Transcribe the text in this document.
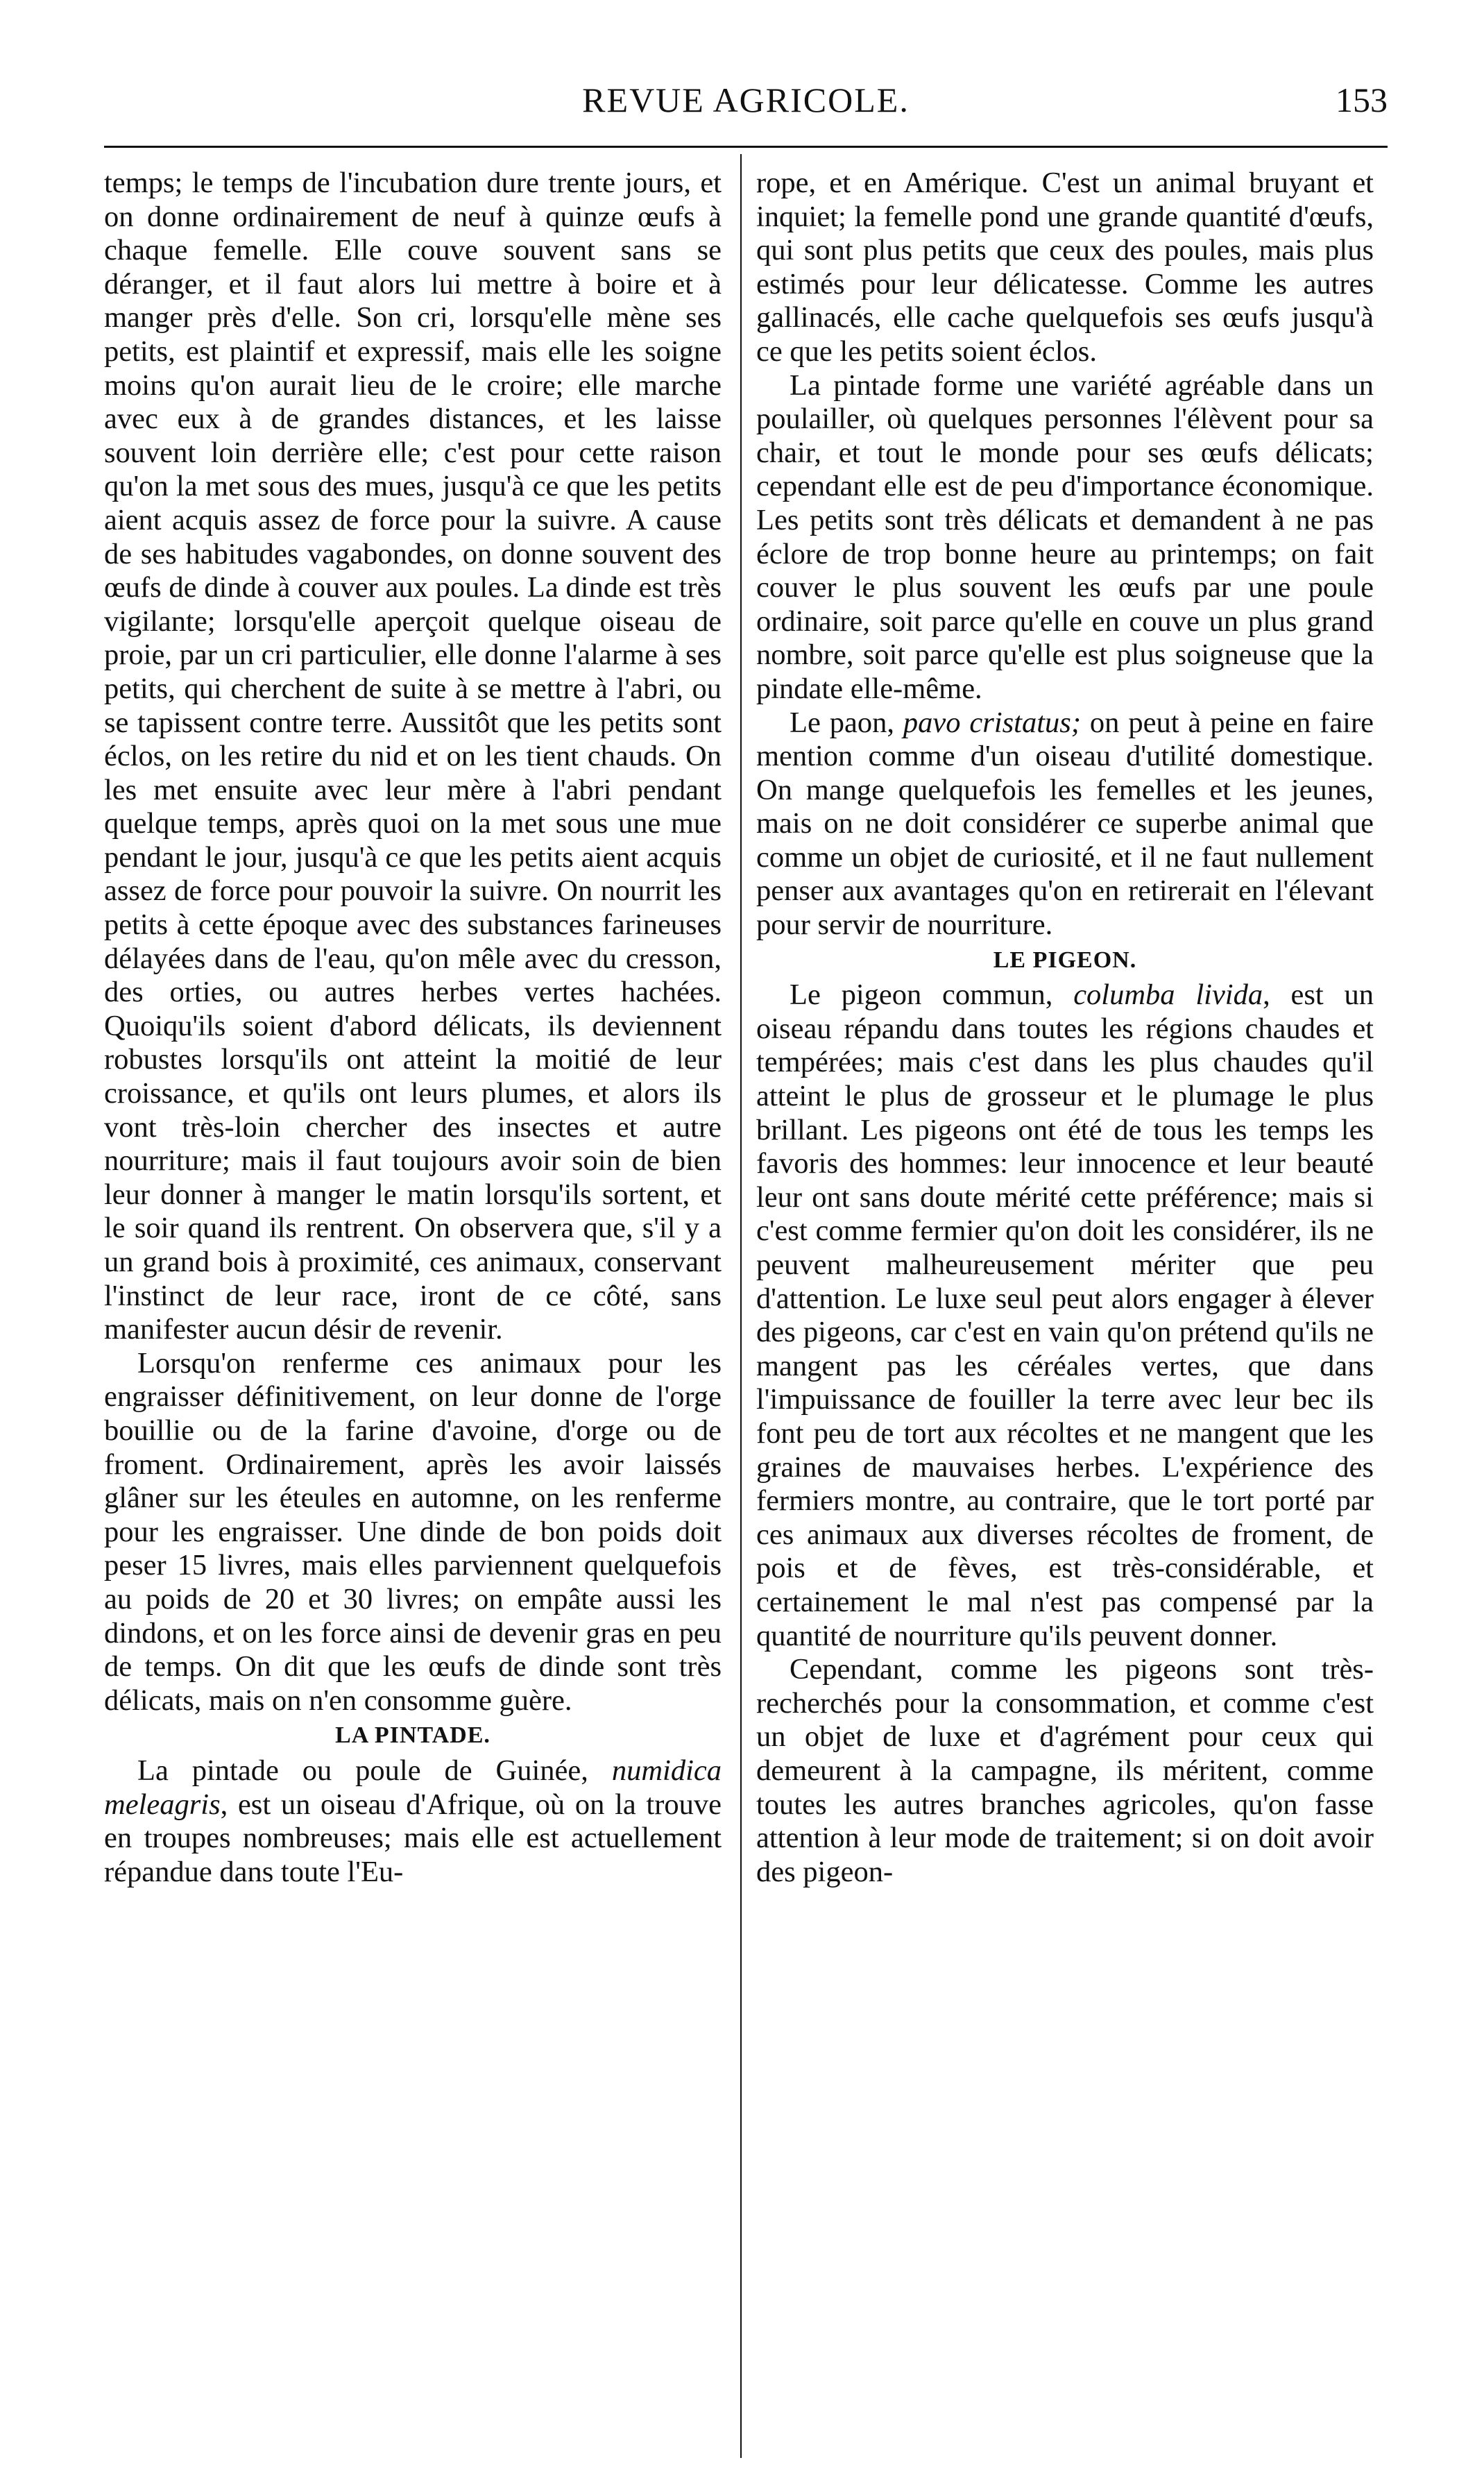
REVUE AGRICOLE.	153

temps; le temps de l'incubation dure trente jours, et on donne ordinairement de neuf à quinze œufs à chaque femelle. Elle couve souvent sans se déranger, et il faut alors lui mettre à boire et à manger près d'elle. Son cri, lorsqu'elle mène ses petits, est plaintif et expressif, mais elle les soigne moins qu'on aurait lieu de le croire; elle marche avec eux à de grandes distances, et les laisse souvent loin derrière elle; c'est pour cette raison qu'on la met sous des mues, jusqu'à ce que les petits aient acquis assez de force pour la suivre. A cause de ses habitudes vagabondes, on donne souvent des œufs de dinde à couver aux poules. La dinde est très vigilante; lorsqu'elle aperçoit quelque oiseau de proie, par un cri particulier, elle donne l'alarme à ses petits, qui cherchent de suite à se mettre à l'abri, ou se tapissent contre terre. Aussitôt que les petits sont éclos, on les retire du nid et on les tient chauds. On les met ensuite avec leur mère à l'abri pendant quelque temps, après quoi on la met sous une mue pendant le jour, jusqu'à ce que les petits aient acquis assez de force pour pouvoir la suivre. On nourrit les petits à cette époque avec des substances farineuses délayées dans de l'eau, qu'on mêle avec du cresson, des orties, ou autres herbes vertes hachées. Quoiqu'ils soient d'abord délicats, ils deviennent robustes lorsqu'ils ont atteint la moitié de leur croissance, et qu'ils ont leurs plumes, et alors ils vont très-loin chercher des insectes et autre nourriture; mais il faut toujours avoir soin de bien leur donner à manger le matin lorsqu'ils sortent, et le soir quand ils rentrent. On observera que, s'il y a un grand bois à proximité, ces animaux, conservant l'instinct de leur race, iront de ce côté, sans manifester aucun désir de revenir.

Lorsqu'on renferme ces animaux pour les engraisser définitivement, on leur donne de l'orge bouillie ou de la farine d'avoine, d'orge ou de froment. Ordinairement, après les avoir laissés glâner sur les éteules en automne, on les renferme pour les engraisser. Une dinde de bon poids doit peser 15 livres, mais elles parviennent quelquefois au poids de 20 et 30 livres; on empâte aussi les dindons, et on les force ainsi de devenir gras en peu de temps. On dit que les œufs de dinde sont très délicats, mais on n'en consomme guère.

LA PINTADE.

La pintade ou poule de Guinée, numidica meleagris, est un oiseau d'Afrique, où on la trouve en troupes nombreuses; mais elle est actuellement répandue dans toute l'Eu-

rope, et en Amérique. C'est un animal bruyant et inquiet; la femelle pond une grande quantité d'œufs, qui sont plus petits que ceux des poules, mais plus estimés pour leur délicatesse. Comme les autres gallinacés, elle cache quelquefois ses œufs jusqu'à ce que les petits soient éclos.

La pintade forme une variété agréable dans un poulailler, où quelques personnes l'élèvent pour sa chair, et tout le monde pour ses œufs délicats; cependant elle est de peu d'importance économique. Les petits sont très délicats et demandent à ne pas éclore de trop bonne heure au printemps; on fait couver le plus souvent les œufs par une poule ordinaire, soit parce qu'elle en couve un plus grand nombre, soit parce qu'elle est plus soigneuse que la pindate elle-même.

Le paon, pavo cristatus; on peut à peine en faire mention comme d'un oiseau d'utilité domestique. On mange quelquefois les femelles et les jeunes, mais on ne doit considérer ce superbe animal que comme un objet de curiosité, et il ne faut nullement penser aux avantages qu'on en retirerait en l'élevant pour servir de nourriture.

LE PIGEON.

Le pigeon commun, columba livida, est un oiseau répandu dans toutes les régions chaudes et tempérées; mais c'est dans les plus chaudes qu'il atteint le plus de grosseur et le plumage le plus brillant. Les pigeons ont été de tous les temps les favoris des hommes: leur innocence et leur beauté leur ont sans doute mérité cette préférence; mais si c'est comme fermier qu'on doit les considérer, ils ne peuvent malheureusement mériter que peu d'attention. Le luxe seul peut alors engager à élever des pigeons, car c'est en vain qu'on prétend qu'ils ne mangent pas les céréales vertes, que dans l'impuissance de fouiller la terre avec leur bec ils font peu de tort aux récoltes et ne mangent que les graines de mauvaises herbes. L'expérience des fermiers montre, au contraire, que le tort porté par ces animaux aux diverses récoltes de froment, de pois et de fèves, est très-considérable, et certainement le mal n'est pas compensé par la quantité de nourriture qu'ils peuvent donner.

Cependant, comme les pigeons sont très-recherchés pour la consommation, et comme c'est un objet de luxe et d'agrément pour ceux qui demeurent à la campagne, ils méritent, comme toutes les autres branches agricoles, qu'on fasse attention à leur mode de traitement; si on doit avoir des pigeon-
